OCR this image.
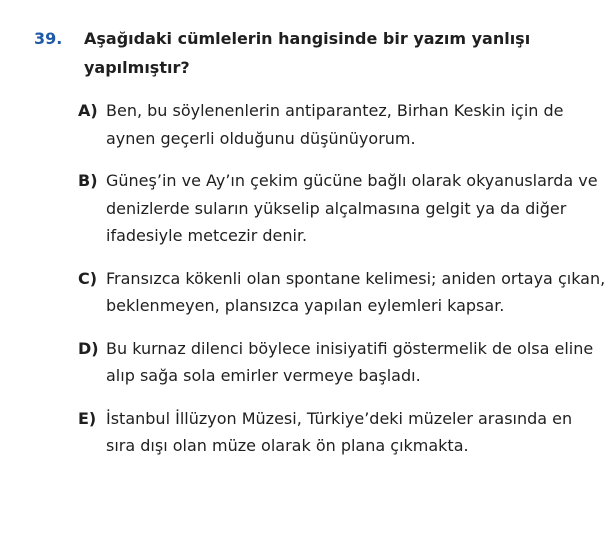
39. Aşağıdaki cümlelerin hangisinde bir yazım yanlışı yapılmıştır?
A) Ben, bu söylenenlerin antiparantez, Birhan Keskin için de aynen geçerli olduğunu düşünüyorum.
B) Güneş’in ve Ay’ın çekim gücüne bağlı olarak okyanuslarda ve denizlerde suların yükselip alçalmasına gelgit ya da diğer ifadesiyle metcezir denir.
C) Fransızca kökenli olan spontane kelimesi; aniden ortaya çıkan, beklenmeyen, plansızca yapılan eylemleri kapsar.
D) Bu kurnaz dilenci böylece inisiyatifi göstermelik de olsa eline alıp sağa sola emirler vermeye başladı.
E) İstanbul İllüzyon Müzesi, Türkiye’deki müzeler arasında en sıra dışı olan müze olarak ön plana çıkmakta.
